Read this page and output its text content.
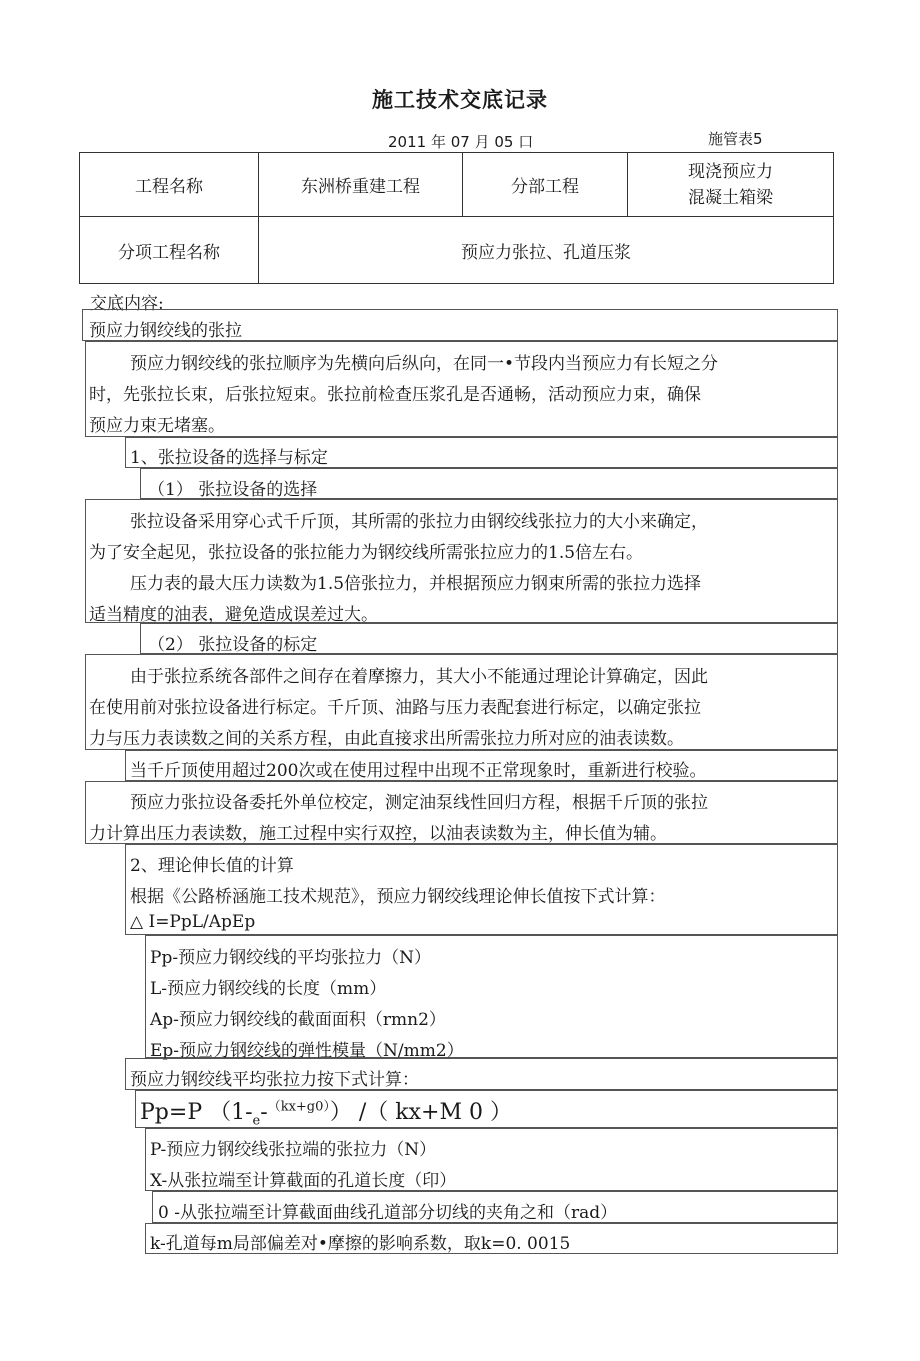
施工技术交底记录
2011 年 07 月 05 口	施管表5
工程名称	东洲桥重建工程	分部工程	现浇预应力
混凝土箱梁

分项工程名称	预应力张拉、孔道压浆		
交底内容:
预应力钢绞线的张拉
预应力钢绞线的张拉顺序为先横向后纵向，在同一•节段内当预应力有长短之分
时，先张拉长束，后张拉短束。张拉前检查压浆孔是否通畅，活动预应力束，确保
预应力束无堵塞。
1、张拉设备的选择与标定
（1） 张拉设备的选择
张拉设备采用穿心式千斤顶，其所需的张拉力由钢绞线张拉力的大小来确定，
为了安全起见，张拉设备的张拉能力为钢绞线所需张拉应力的1.5倍左右。
压力表的最大压力读数为1.5倍张拉力，并根据预应力钢束所需的张拉力选择
适当精度的油表，避免造成误差过大。
（2） 张拉设备的标定
由于张拉系统各部件之间存在着摩擦力，其大小不能通过理论计算确定，因此
在使用前对张拉设备进行标定。千斤顶、油路与压力表配套进行标定，以确定张拉
力与压力表读数之间的关系方程，由此直接求出所需张拉力所对应的油表读数。
当千斤顶使用超过200次或在使用过程中出现不正常现象时，重新进行校验。
预应力张拉设备委托外单位校定，测定油泵线性回归方程，根据千斤顶的张拉
力计算出压力表读数，施工过程中实行双控，以油表读数为主，伸长值为辅。
2、理论伸长值的计算
根据《公路桥涵施工技术规范》，预应力钢绞线理论伸长值按下式计算：
△ I=PpL/ApEp
Pp-预应力钢绞线的平均张拉力（N）
L-预应力钢绞线的长度（mm）
Ap-预应力钢绞线的截面面积（rmn2）
Ep-预应力钢绞线的弹性模量（N/mm2）
预应力钢绞线平均张拉力按下式计算：
Pp=P $(1-_e-^{(kx+g0)})$ /（ kx+M 0 ）
P-预应力钢绞线张拉端的张拉力（N）
X-从张拉端至计算截面的孔道长度（印）
0 -从张拉端至计算截面曲线孔道部分切线的夹角之和（rad）
k-孔道每m局部偏差对•摩擦的影响系数，取k=0. 0015
